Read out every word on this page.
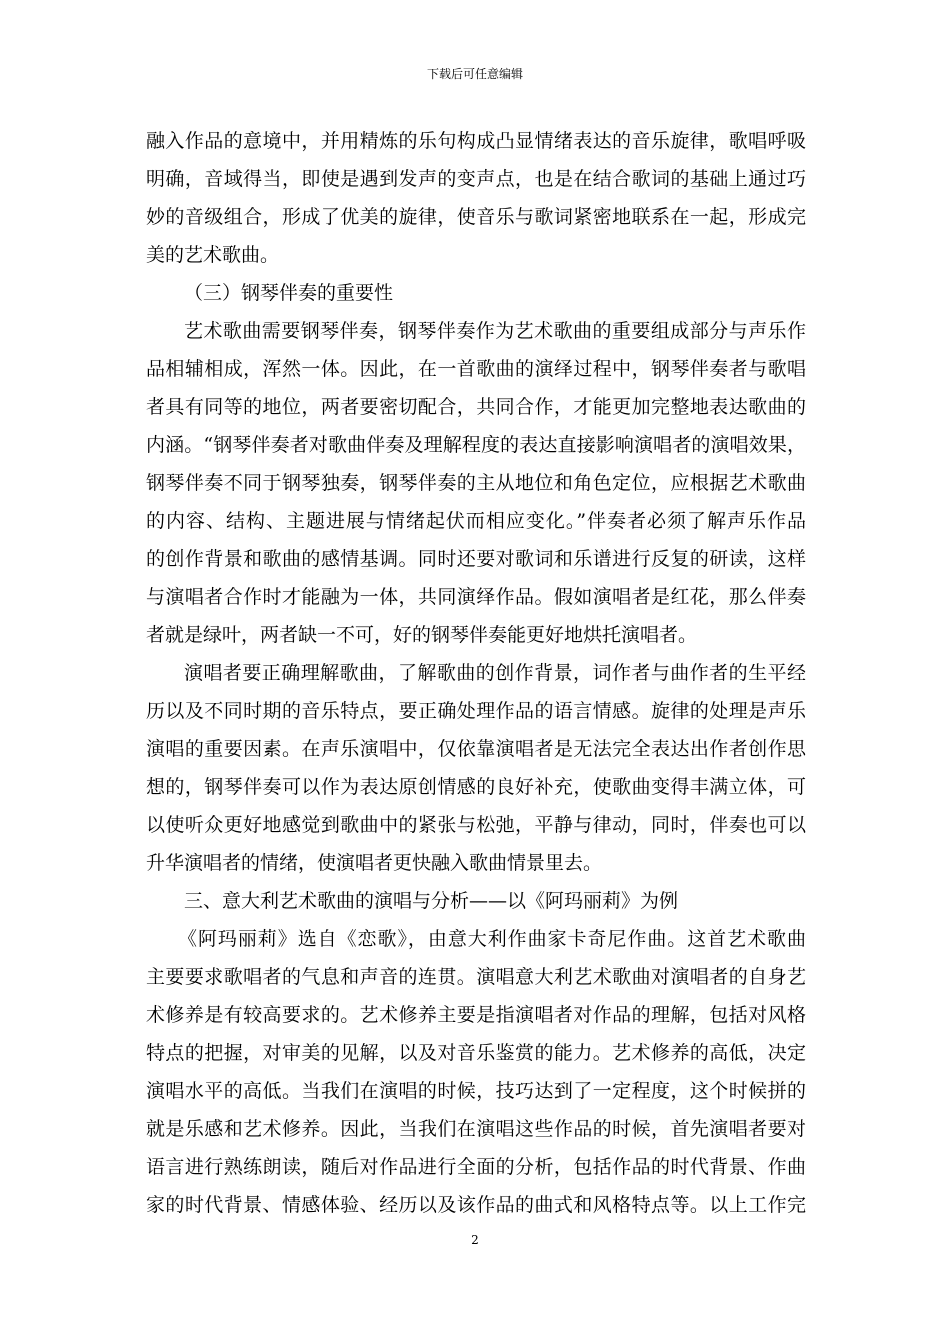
下载后可任意编辑
融入作品的意境中，并用精炼的乐句构成凸显情绪表达的音乐旋律，歌唱呼吸
明确，音域得当，即使是遇到发声的变声点，也是在结合歌词的基础上通过巧
妙的音级组合，形成了优美的旋律，使音乐与歌词紧密地联系在一起，形成完
美的艺术歌曲。
（三）钢琴伴奏的重要性
艺术歌曲需要钢琴伴奏，钢琴伴奏作为艺术歌曲的重要组成部分与声乐作
品相辅相成，浑然一体。因此，在一首歌曲的演绎过程中，钢琴伴奏者与歌唱
者具有同等的地位，两者要密切配合，共同合作，才能更加完整地表达歌曲的
内涵。“钢琴伴奏者对歌曲伴奏及理解程度的表达直接影响演唱者的演唱效果，
钢琴伴奏不同于钢琴独奏，钢琴伴奏的主从地位和角色定位，应根据艺术歌曲
的内容、结构、主题进展与情绪起伏而相应变化。”伴奏者必须了解声乐作品
的创作背景和歌曲的感情基调。同时还要对歌词和乐谱进行反复的研读，这样
与演唱者合作时才能融为一体，共同演绎作品。假如演唱者是红花，那么伴奏
者就是绿叶，两者缺一不可，好的钢琴伴奏能更好地烘托演唱者。
演唱者要正确理解歌曲，了解歌曲的创作背景，词作者与曲作者的生平经
历以及不同时期的音乐特点，要正确处理作品的语言情感。旋律的处理是声乐
演唱的重要因素。在声乐演唱中，仅依靠演唱者是无法完全表达出作者创作思
想的，钢琴伴奏可以作为表达原创情感的良好补充，使歌曲变得丰满立体，可
以使听众更好地感觉到歌曲中的紧张与松弛，平静与律动，同时，伴奏也可以
升华演唱者的情绪，使演唱者更快融入歌曲情景里去。
三、意大利艺术歌曲的演唱与分析——以《阿玛丽莉》为例
《阿玛丽莉》选自《恋歌》，由意大利作曲家卡奇尼作曲。这首艺术歌曲
主要要求歌唱者的气息和声音的连贯。演唱意大利艺术歌曲对演唱者的自身艺
术修养是有较高要求的。艺术修养主要是指演唱者对作品的理解，包括对风格
特点的把握，对审美的见解，以及对音乐鉴赏的能力。艺术修养的高低，决定
演唱水平的高低。当我们在演唱的时候，技巧达到了一定程度，这个时候拼的
就是乐感和艺术修养。因此，当我们在演唱这些作品的时候，首先演唱者要对
语言进行熟练朗读，随后对作品进行全面的分析，包括作品的时代背景、作曲
家的时代背景、情感体验、经历以及该作品的曲式和风格特点等。以上工作完
2
